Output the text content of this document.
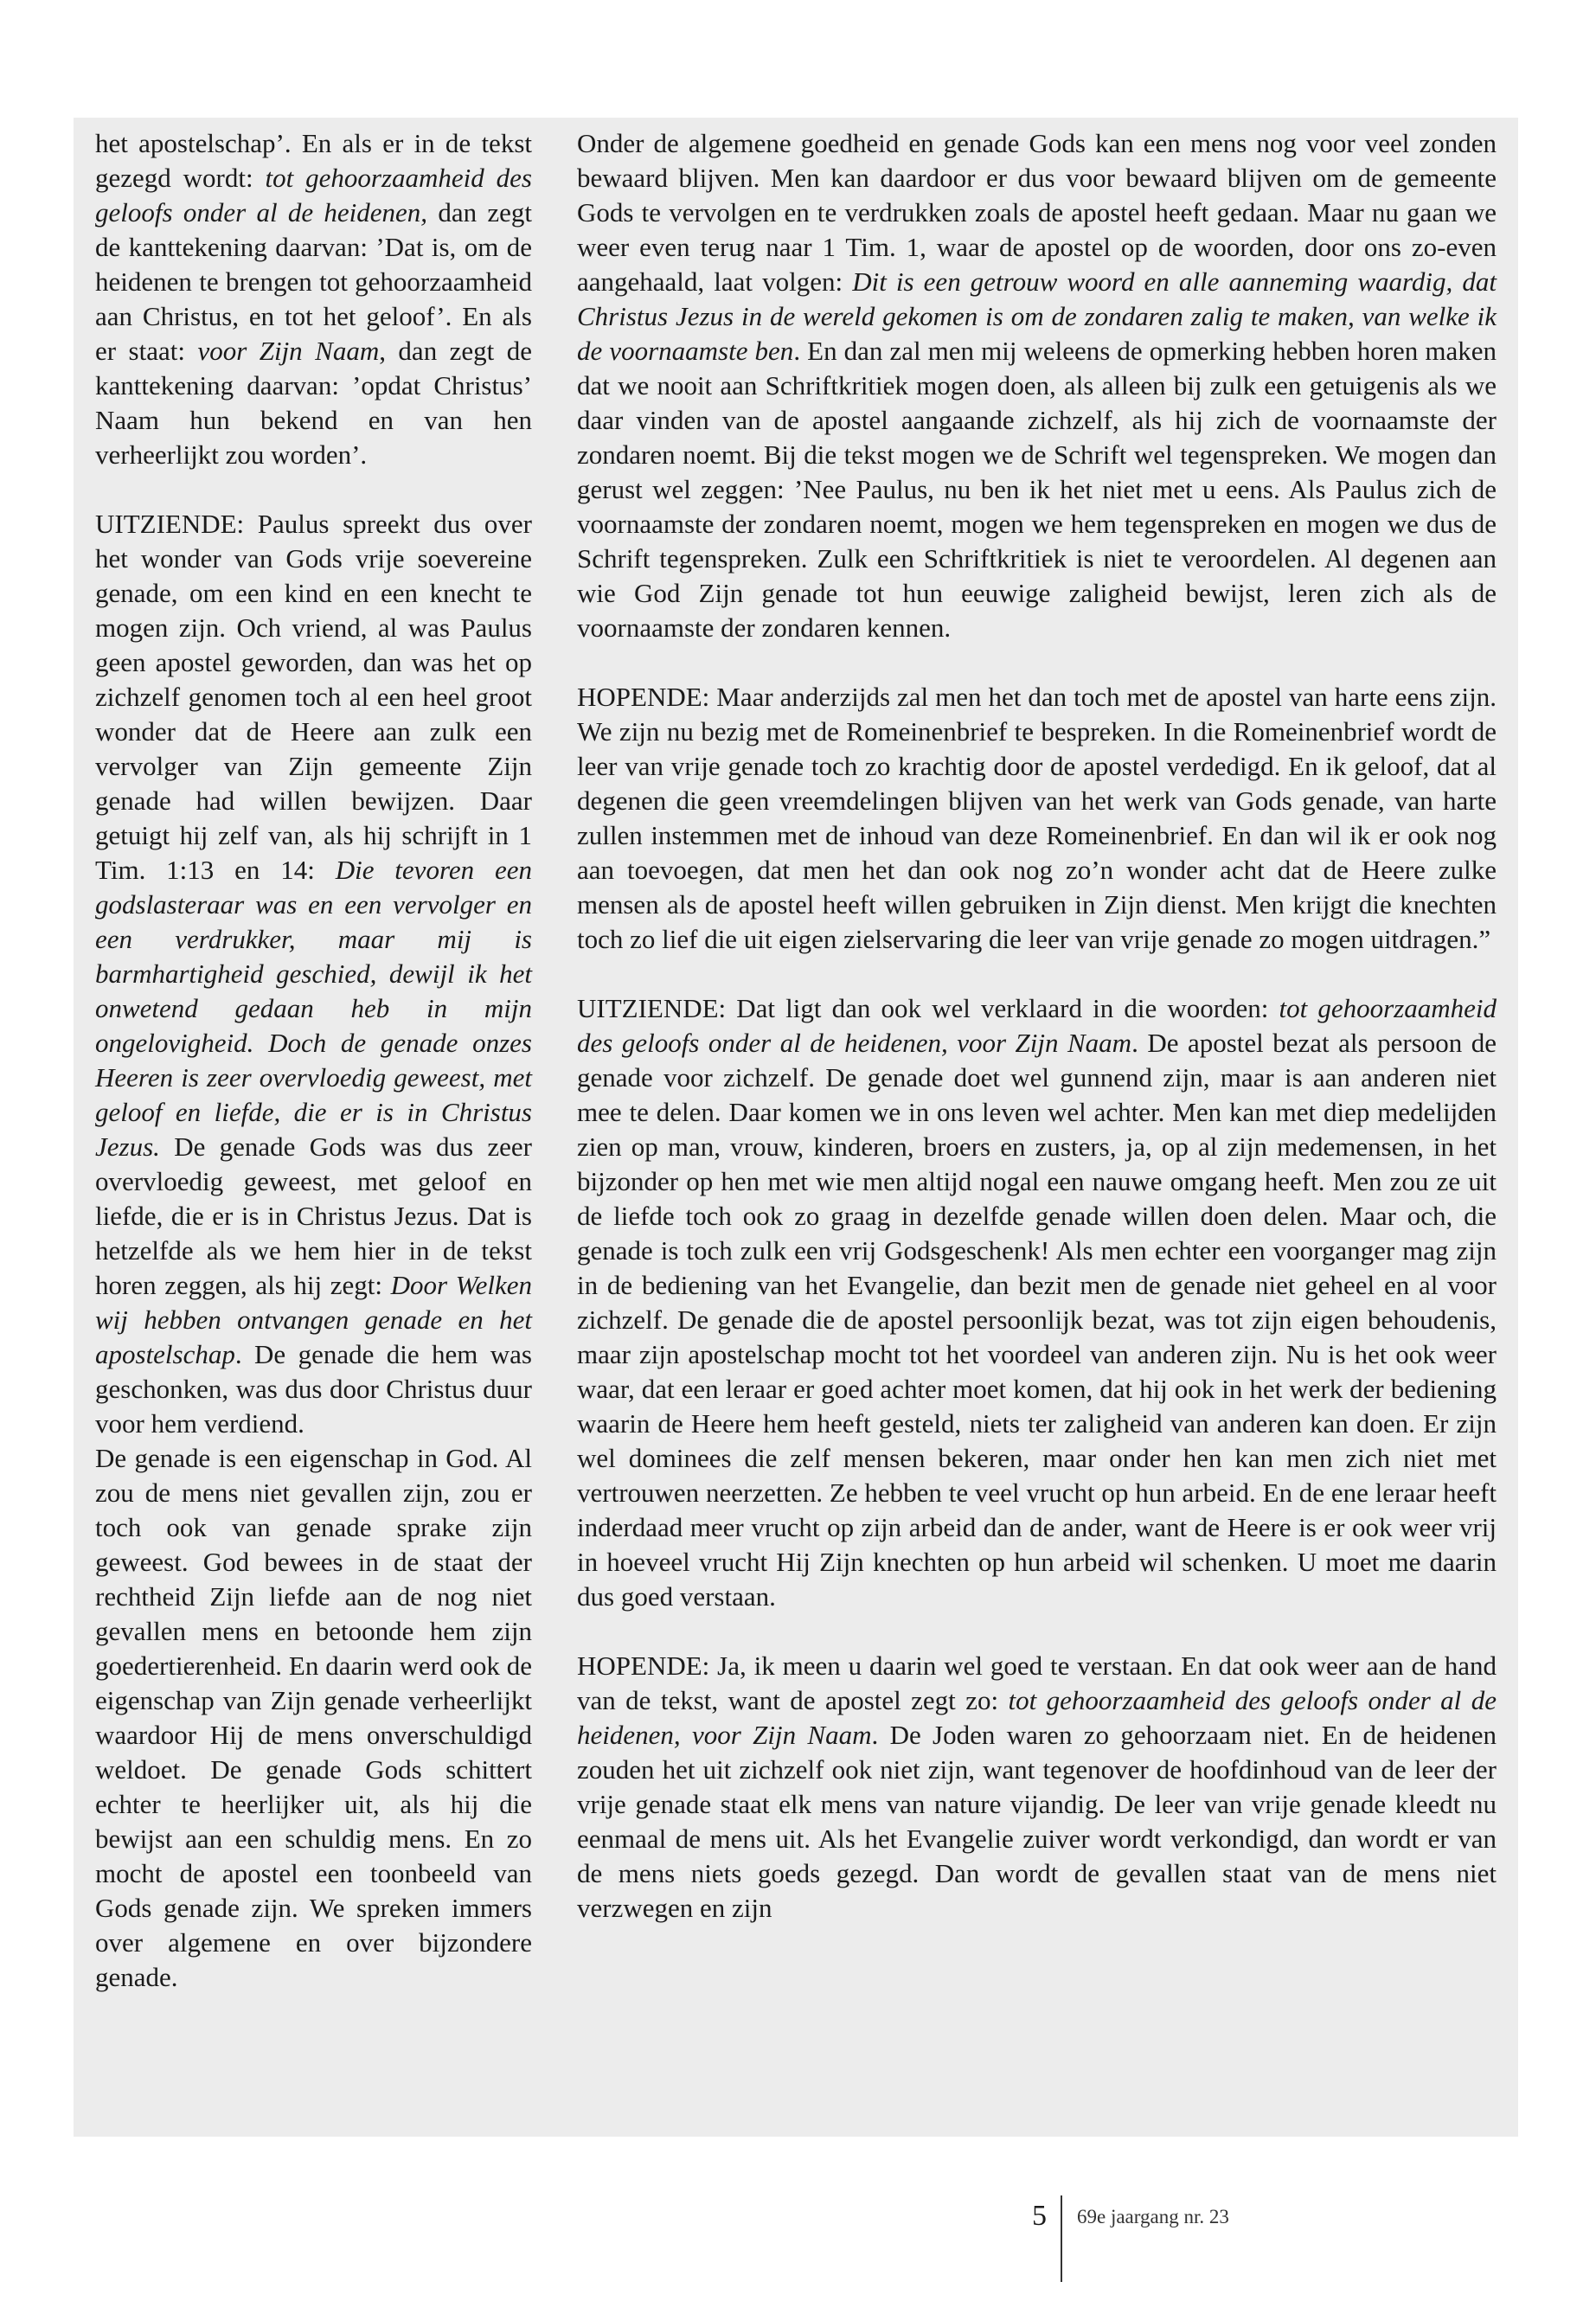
het apostelschap’. En als er in de tekst gezegd wordt: tot gehoorzaamheid des geloofs onder al de heidenen, dan zegt de kanttekening daarvan: ’Dat is, om de heidenen te brengen tot gehoorzaamheid aan Christus, en tot het geloof’. En als er staat: voor Zijn Naam, dan zegt de kanttekening daarvan: ’opdat Christus’ Naam hun bekend en van hen verheerlijkt zou worden’.

UITZIENDE: Paulus spreekt dus over het wonder van Gods vrije soevereine genade, om een kind en een knecht te mogen zijn. Och vriend, al was Paulus geen apostel geworden, dan was het op zichzelf genomen toch al een heel groot wonder dat de Heere aan zulk een vervolger van Zijn gemeente Zijn genade had willen bewijzen. Daar getuigt hij zelf van, als hij schrijft in 1 Tim. 1:13 en 14: Die tevoren een godslasteraar was en een vervolger en een verdrukker, maar mij is barmhartigheid geschied, dewijl ik het onwetend gedaan heb in mijn ongelovigheid. Doch de genade onzes Heeren is zeer overvloedig geweest, met geloof en liefde, die er is in Christus Jezus. De genade Gods was dus zeer overvloedig geweest, met geloof en liefde, die er is in Christus Jezus. Dat is hetzelfde als we hem hier in de tekst horen zeggen, als hij zegt: Door Welken wij hebben ontvangen genade en het apostelschap. De genade die hem was geschonken, was dus door Christus duur voor hem verdiend.

De genade is een eigenschap in God. Al zou de mens niet gevallen zijn, zou er toch ook van genade sprake zijn geweest. God bewees in de staat der rechtheid Zijn liefde aan de nog niet gevallen mens en betoonde hem zijn goedertierenheid. En daarin werd ook de eigenschap van Zijn genade verheerlijkt waardoor Hij de mens onverschuldigd weldoet. De genade Gods schittert echter te heerlijker uit, als hij die bewijst aan een schuldig mens. En zo mocht de apostel een toonbeeld van Gods genade zijn. We spreken immers over algemene en over bijzondere genade.

Onder de algemene goedheid en genade Gods kan een mens nog voor veel zonden bewaard blijven. Men kan daardoor er dus voor bewaard blijven om de gemeente Gods te vervolgen en te verdrukken zoals de apostel heeft gedaan. Maar nu gaan we weer even terug naar 1 Tim. 1, waar de apostel op de woorden, door ons zo-even aangehaald, laat volgen: Dit is een getrouw woord en alle aanneming waardig, dat Christus Jezus in de wereld gekomen is om de zondaren zalig te maken, van welke ik de voornaamste ben. En dan zal men mij weleens de opmerking hebben horen maken dat we nooit aan Schriftkritiek mogen doen, als alleen bij zulk een getuigenis als we daar vinden van de apostel aangaande zichzelf, als hij zich de voornaamste der zondaren noemt. Bij die tekst mogen we de Schrift wel tegenspreken. We mogen dan gerust wel zeggen: ’Nee Paulus, nu ben ik het niet met u eens. Als Paulus zich de voornaamste der zondaren noemt, mogen we hem tegenspreken en mogen we dus de Schrift tegenspreken. Zulk een Schriftkritiek is niet te veroordelen. Al degenen aan wie God Zijn genade tot hun eeuwige zaligheid bewijst, leren zich als de voornaamste der zondaren kennen.

HOPENDE: Maar anderzijds zal men het dan toch met de apostel van harte eens zijn. We zijn nu bezig met de Romeinenbrief te bespreken. In die Romeinenbrief wordt de leer van vrije genade toch zo krachtig door de apostel verdedigd. En ik geloof, dat al degenen die geen vreemdelingen blijven van het werk van Gods genade, van harte zullen instemmen met de inhoud van deze Romeinenbrief. En dan wil ik er ook nog aan toevoegen, dat men het dan ook nog zo’n wonder acht dat de Heere zulke mensen als de apostel heeft willen gebruiken in Zijn dienst. Men krijgt die knechten toch zo lief die uit eigen zielservaring die leer van vrije genade zo mogen uitdragen.”

UITZIENDE: Dat ligt dan ook wel verklaard in die woorden: tot gehoorzaamheid des geloofs onder al de heidenen, voor Zijn Naam. De apostel bezat als persoon de genade voor zichzelf. De genade doet wel gunnend zijn, maar is aan anderen niet mee te delen. Daar komen we in ons leven wel achter. Men kan met diep medelijden zien op man, vrouw, kinderen, broers en zusters, ja, op al zijn medemensen, in het bijzonder op hen met wie men altijd nogal een nauwe omgang heeft. Men zou ze uit de liefde toch ook zo graag in dezelfde genade willen doen delen. Maar och, die genade is toch zulk een vrij Godsgeschenk! Als men echter een voorganger mag zijn in de bediening van het Evangelie, dan bezit men de genade niet geheel en al voor zichzelf. De genade die de apostel persoonlijk bezat, was tot zijn eigen behoudenis, maar zijn apostelschap mocht tot het voordeel van anderen zijn. Nu is het ook weer waar, dat een leraar er goed achter moet komen, dat hij ook in het werk der bediening waarin de Heere hem heeft gesteld, niets ter zaligheid van anderen kan doen. Er zijn wel dominees die zelf mensen bekeren, maar onder hen kan men zich niet met vertrouwen neerzetten. Ze hebben te veel vrucht op hun arbeid. En de ene leraar heeft inderdaad meer vrucht op zijn arbeid dan de ander, want de Heere is er ook weer vrij in hoeveel vrucht Hij Zijn knechten op hun arbeid wil schenken. U moet me daarin dus goed verstaan.

HOPENDE: Ja, ik meen u daarin wel goed te verstaan. En dat ook weer aan de hand van de tekst, want de apostel zegt zo: tot gehoorzaamheid des geloofs onder al de heidenen, voor Zijn Naam. De Joden waren zo gehoorzaam niet. En de heidenen zouden het uit zichzelf ook niet zijn, want tegenover de hoofdinhoud van de leer der vrije genade staat elk mens van nature vijandig. De leer van vrije genade kleedt nu eenmaal de mens uit. Als het Evangelie zuiver wordt verkondigd, dan wordt er van de mens niets goeds gezegd. Dan wordt de gevallen staat van de mens niet verzwegen en zijn

5 69e jaargang nr. 23
